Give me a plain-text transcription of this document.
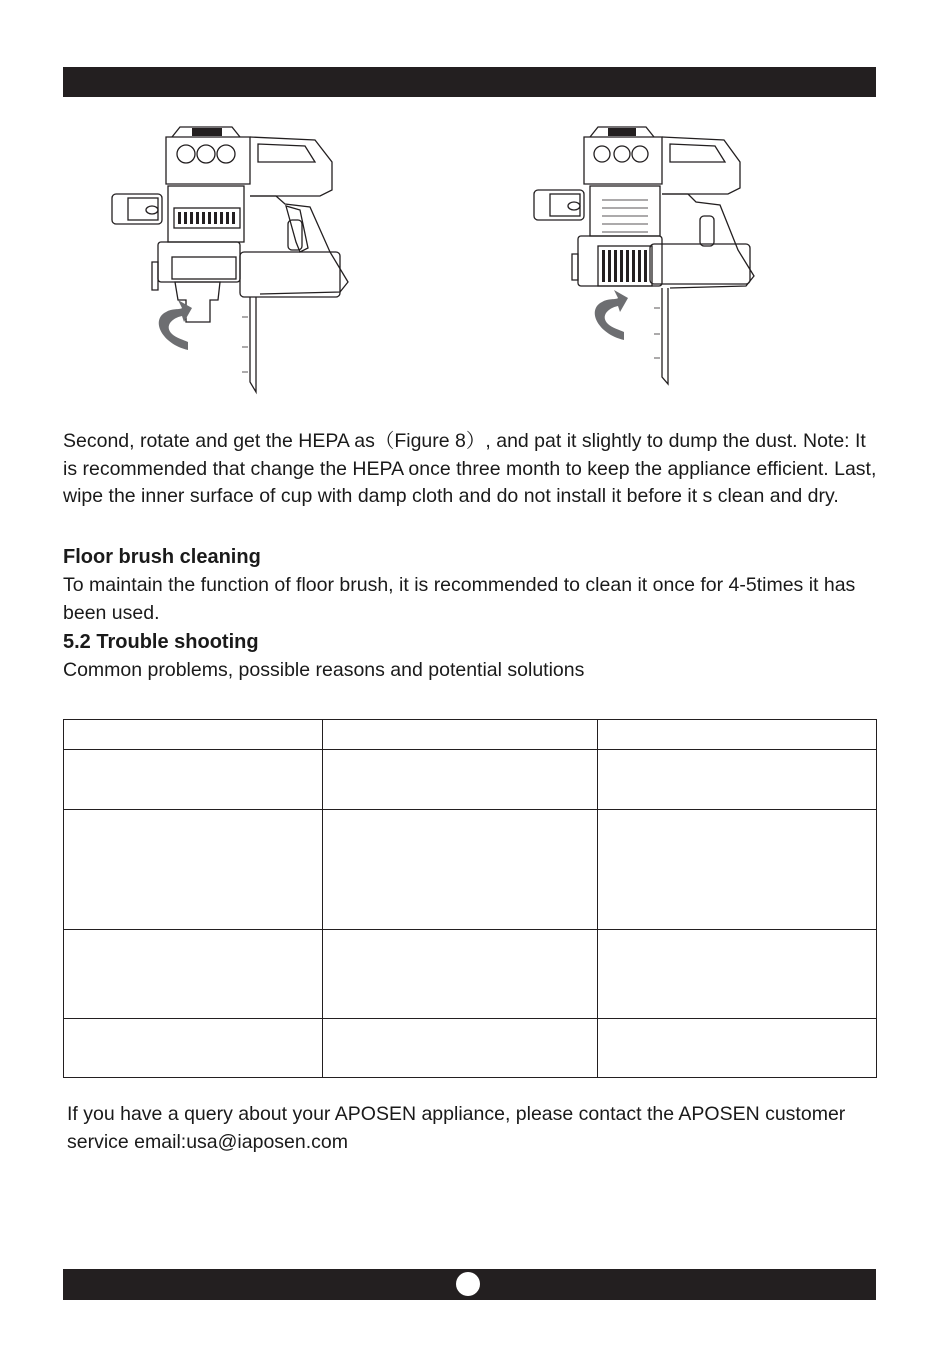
Second, rotate and get the HEPA as（Figure 8）, and pat it slightly to dump the dust. Note: It is recommended that change the HEPA once three month to keep the appliance efficient. Last, wipe the inner surface of cup with damp cloth and do not install it before it s clean and dry.

Floor brush cleaning

To maintain the function of floor brush, it is recommended to clean it once for 4-5times it has been used.

5.2 Trouble shooting

Common problems, possible reasons and potential solutions

If you have a query about your APOSEN appliance, please contact the APOSEN customer service email:usa@iaposen.com
